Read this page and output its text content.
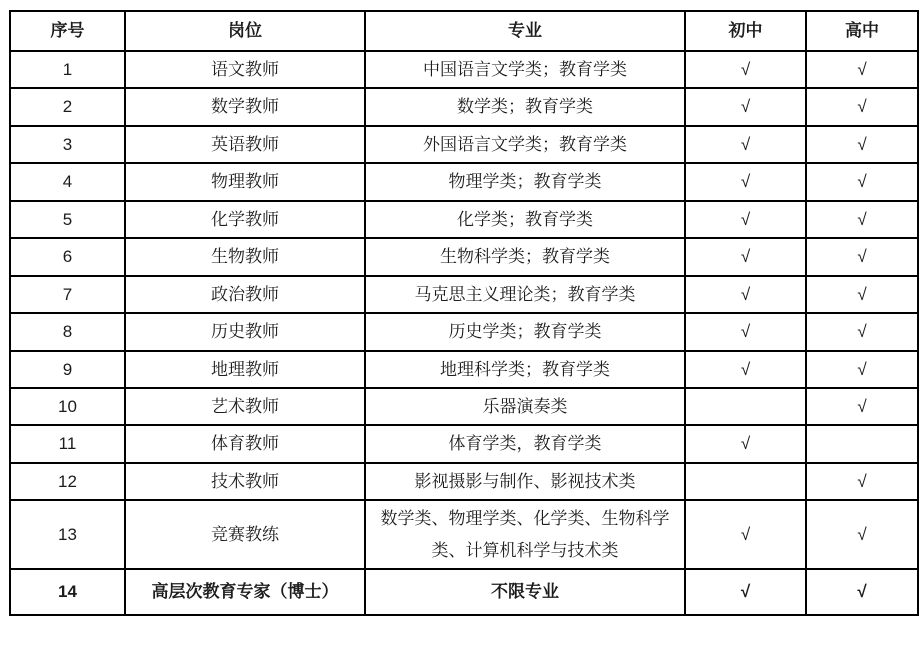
序号	岗位	专业	初中	高中
1	语文教师	中国语言文学类；教育学类	√	√
2	数学教师	数学类；教育学类	√	√
3	英语教师	外国语言文学类；教育学类	√	√
4	物理教师	物理学类；教育学类	√	√
5	化学教师	化学类；教育学类	√	√
6	生物教师	生物科学类；教育学类	√	√
7	政治教师	马克思主义理论类；教育学类	√	√
8	历史教师	历史学类；教育学类	√	√
9	地理教师	地理科学类；教育学类	√	√
10	艺术教师	乐器演奏类		√
11	体育教师	体育学类，教育学类	√	
12	技术教师	影视摄影与制作、影视技术类		√
13	竞赛教练	数学类、物理学类、化学类、生物科学类、计算机科学与技术类	√	√
14	高层次教育专家（博士）	不限专业	√	√
